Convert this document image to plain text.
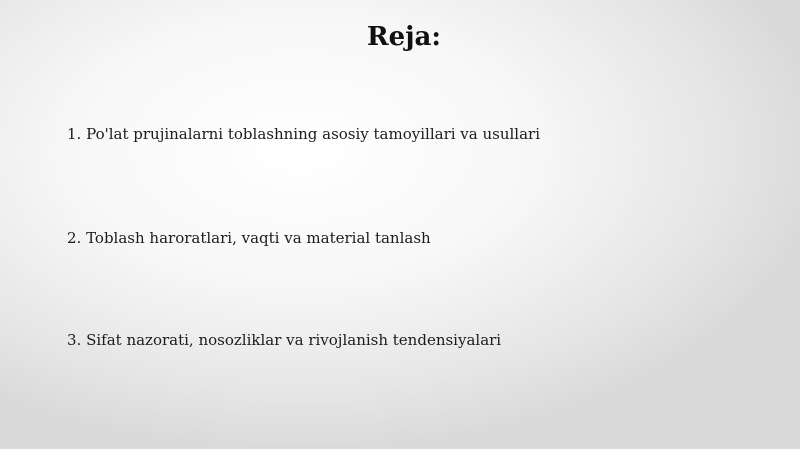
Reja:
1. Po'lat prujinalarni toblashning asosiy tamoyillari va usullari
2. Toblash haroratlari, vaqti va material tanlash
3. Sifat nazorati, nosozliklar va rivojlanish tendensiyalari
